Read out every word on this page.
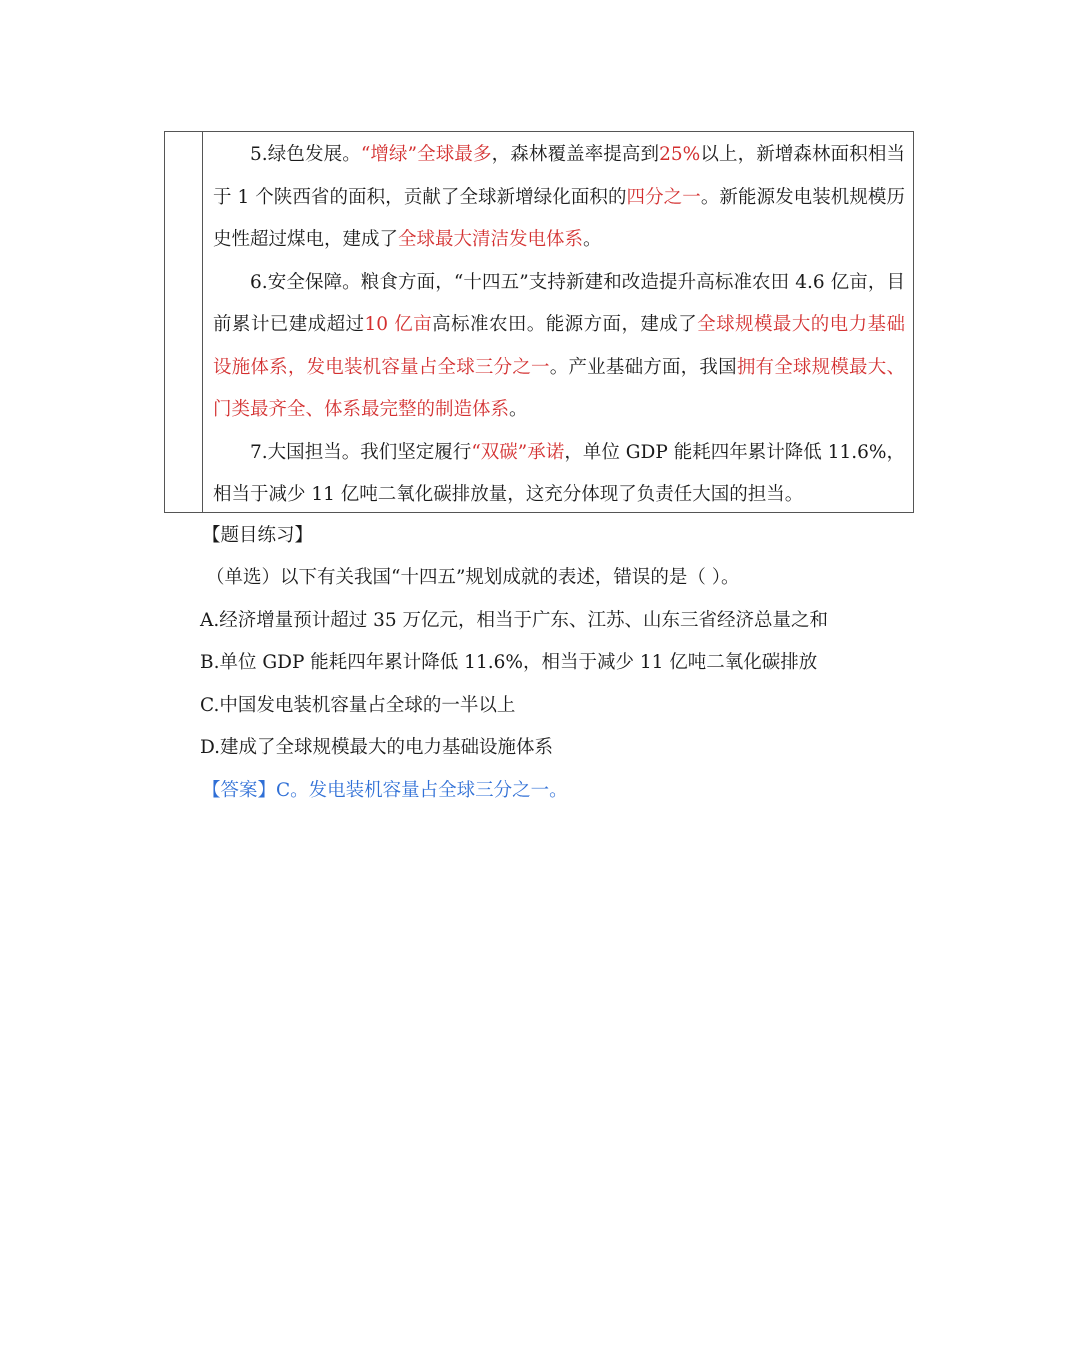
5.绿色发展。“增绿”全球最多，森林覆盖率提高到25%以上，新增森林面积相当于 1 个陕西省的面积，贡献了全球新增绿化面积的四分之一。新能源发电装机规模历史性超过煤电，建成了全球最大清洁发电体系。

6.安全保障。粮食方面，“十四五”支持新建和改造提升高标准农田 4.6 亿亩，目前累计已建成超过10 亿亩高标准农田。能源方面，建成了全球规模最大的电力基础设施体系，发电装机容量占全球三分之一。产业基础方面，我国拥有全球规模最大、门类最齐全、体系最完整的制造体系。

7.大国担当。我们坚定履行“双碳”承诺，单位 GDP 能耗四年累计降低 11.6%，相当于减少 11 亿吨二氧化碳排放量，这充分体现了负责任大国的担当。

【题目练习】
（单选）以下有关我国“十四五”规划成就的表述，错误的是（ ）。
A.经济增量预计超过 35 万亿元，相当于广东、江苏、山东三省经济总量之和
B.单位 GDP 能耗四年累计降低 11.6%，相当于减少 11 亿吨二氧化碳排放
C.中国发电装机容量占全球的一半以上
D.建成了全球规模最大的电力基础设施体系
【答案】C。发电装机容量占全球三分之一。
